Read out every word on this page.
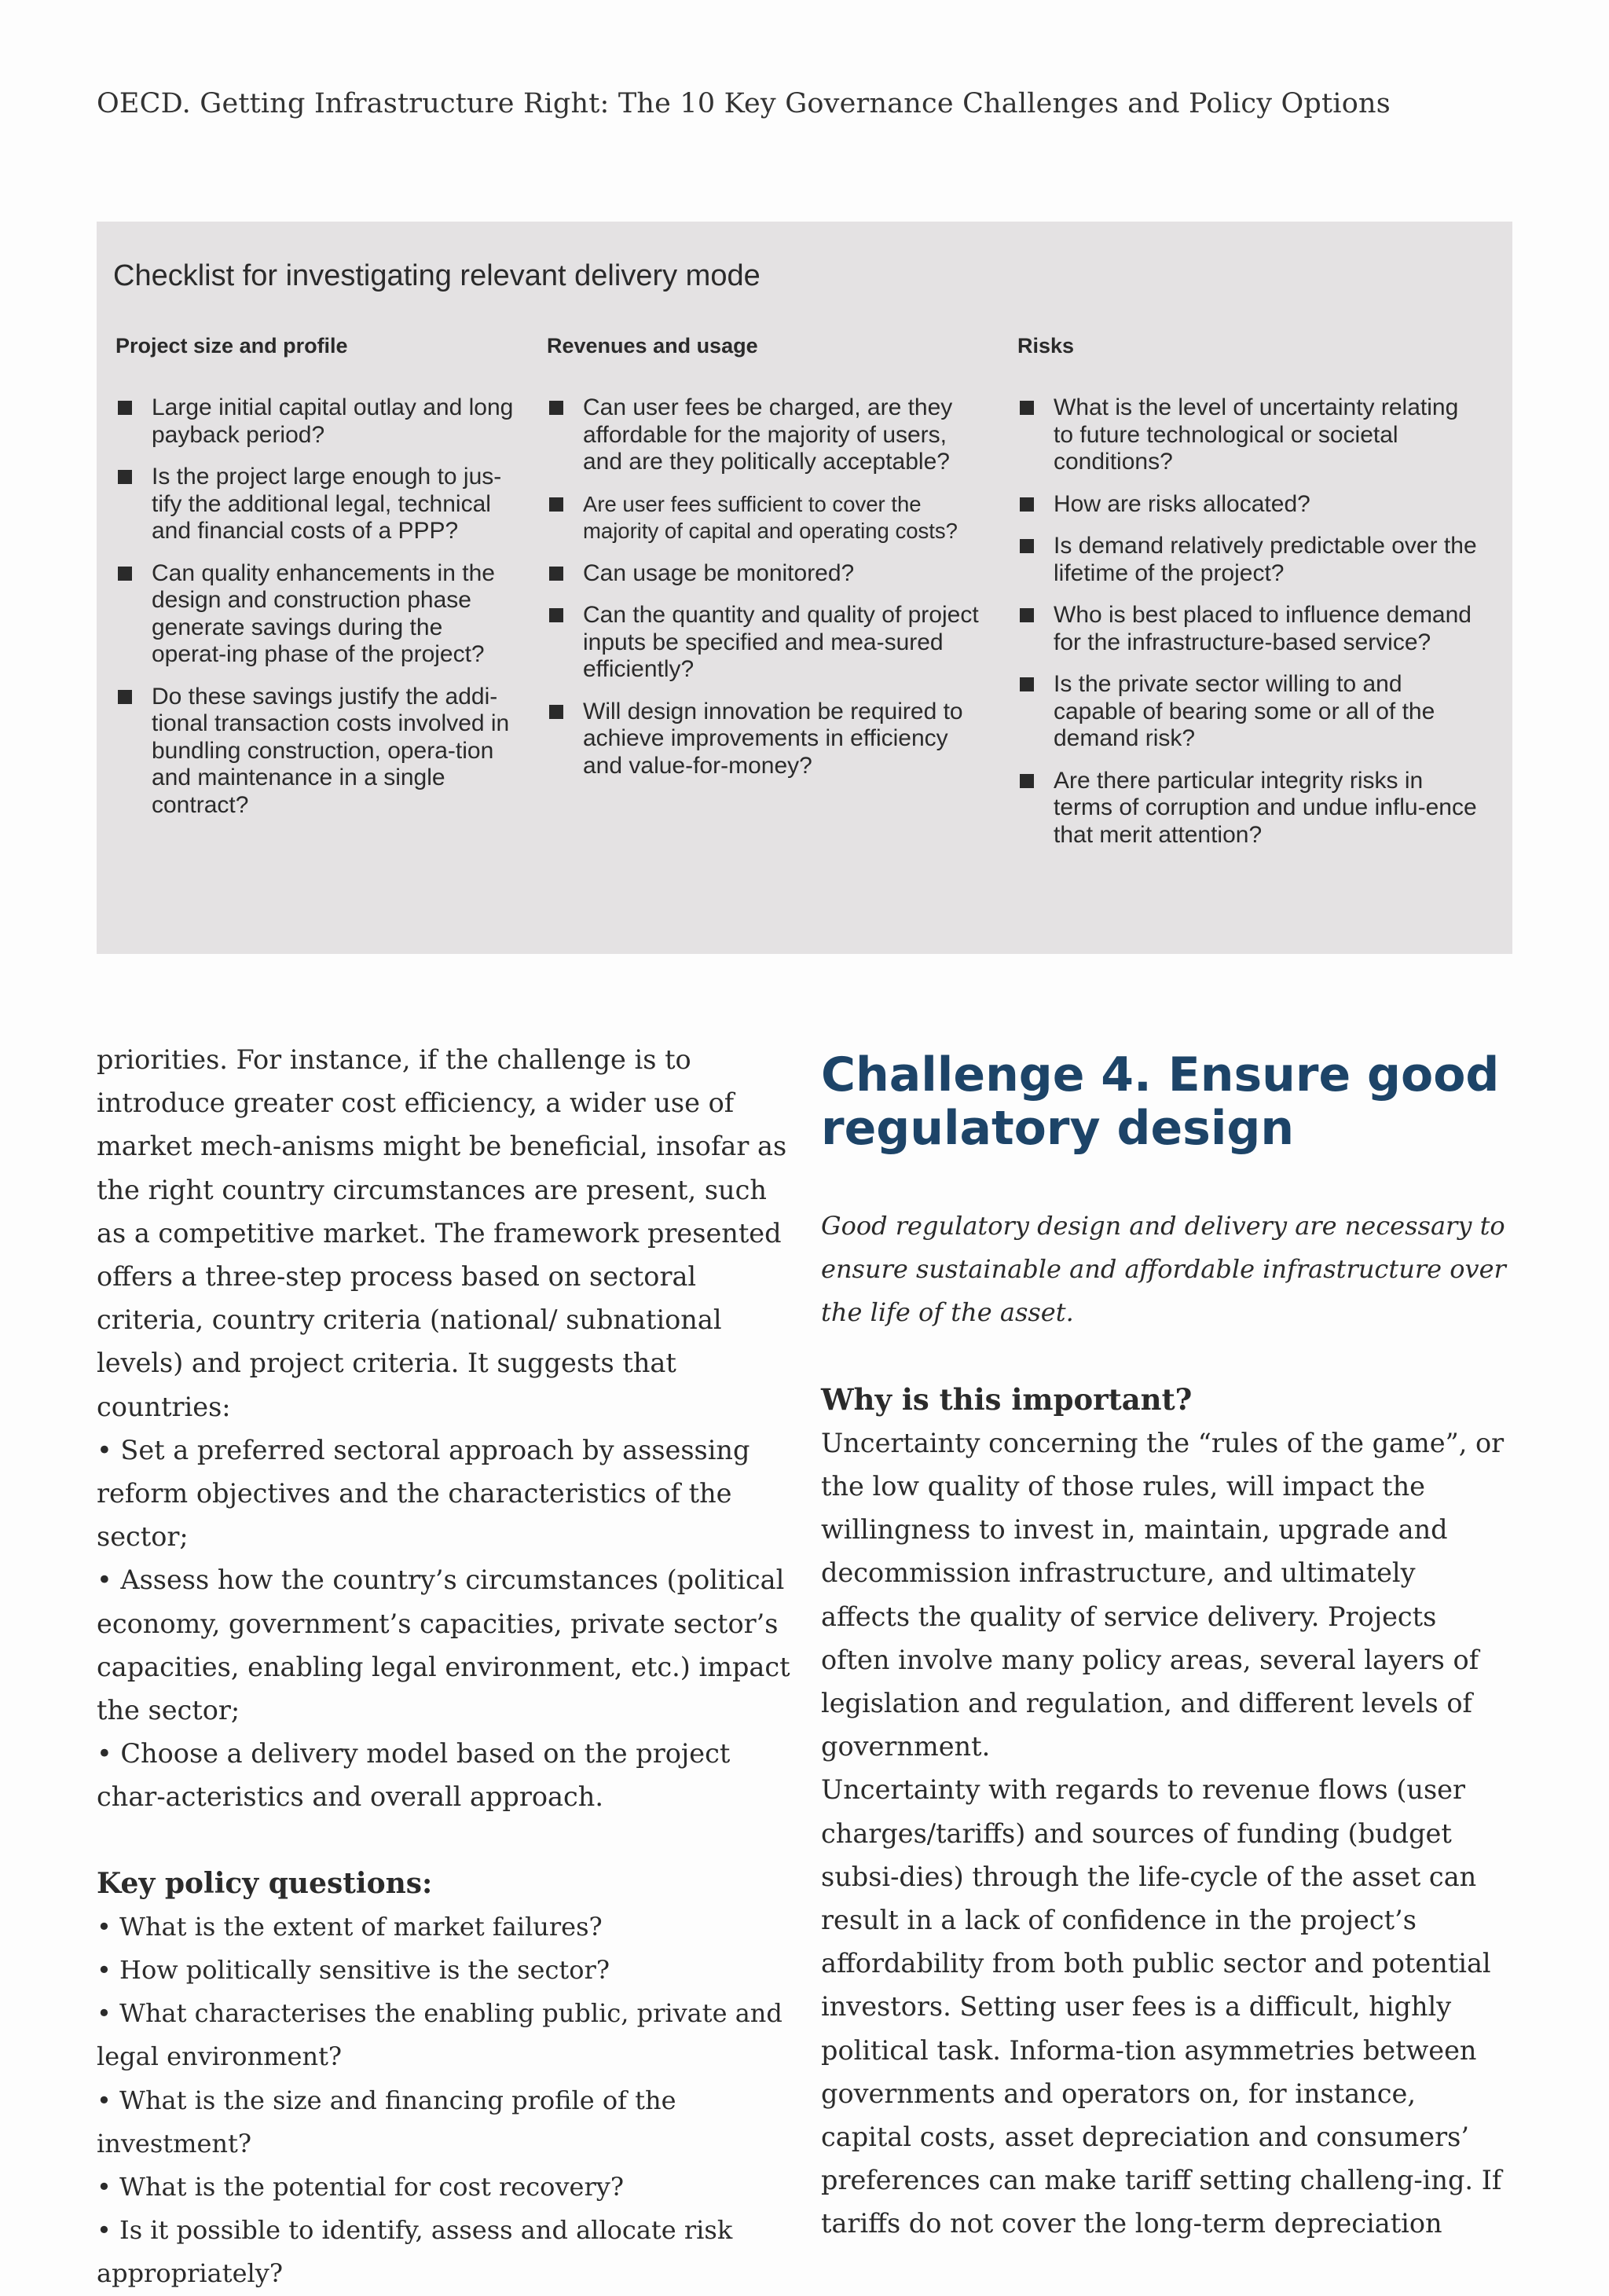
OECD. Getting Infrastructure Right: The 10 Key Governance Challenges and Policy Options
Checklist for investigating relevant delivery mode
Project size and profile
Large initial capital outlay and long payback period?
Is the project large enough to jus-tify the additional legal, technical and financial costs of a PPP?
Can quality enhancements in the design and construction phase generate savings during the operat-ing phase of the project?
Do these savings justify the addi-tional transaction costs involved in bundling construction, opera-tion and maintenance in a single contract?
Revenues and usage
Can user fees be charged, are they affordable for the majority of users, and are they politically acceptable?
Are user fees sufficient to cover the majority of capital and operating costs?
Can usage be monitored?
Can the quantity and quality of project inputs be specified and mea-sured efficiently?
Will design innovation be required to achieve improvements in efficiency and value-for-money?
Risks
What is the level of uncertainty relating to future technological or societal conditions?
How are risks allocated?
Is demand relatively predictable over the lifetime of the project?
Who is best placed to influence demand for the infrastructure-based service?
Is the private sector willing to and capable of bearing some or all of the demand risk?
Are there particular integrity risks in terms of corruption and undue influ-ence that merit attention?

priorities. For instance, if the challenge is to introduce greater cost efficiency, a wider use of market mech-anisms might be beneficial, insofar as the right country circumstances are present, such as a competitive market. The framework presented offers a three-step process based on sectoral criteria, country criteria (national/ subnational levels) and project criteria. It suggests that countries:

• Set a preferred sectoral approach by assessing reform objectives and the characteristics of the sector;

• Assess how the country’s circumstances (political economy, government’s capacities, private sector’s capacities, enabling legal environment, etc.) impact the sector;

• Choose a delivery model based on the project char-acteristics and overall approach.

Key policy questions:

• What is the extent of market failures?

• How politically sensitive is the sector?

• What characterises the enabling public, private and legal environment?

• What is the size and financing profile of the investment?

• What is the potential for cost recovery?

• Is it possible to identify, assess and allocate risk appropriately?

Challenge 4. Ensure good
regulatory design

Good regulatory design and delivery are necessary to ensure sustainable and affordable infrastructure over the life of the asset.

Why is this important?

Uncertainty concerning the “rules of the game”, or the low quality of those rules, will impact the willingness to invest in, maintain, upgrade and decommission infrastructure, and ultimately affects the quality of service delivery. Projects often involve many policy areas, several layers of legislation and regulation, and different levels of government.

Uncertainty with regards to revenue flows (user charges/tariffs) and sources of funding (budget subsi-dies) through the life-cycle of the asset can result in a lack of confidence in the project’s affordability from both public sector and potential investors. Setting user fees is a difficult, highly political task. Informa-tion asymmetries between governments and operators on, for instance, capital costs, asset depreciation and consumers’ preferences can make tariff setting challeng-ing. If tariffs do not cover the long-term depreciation
